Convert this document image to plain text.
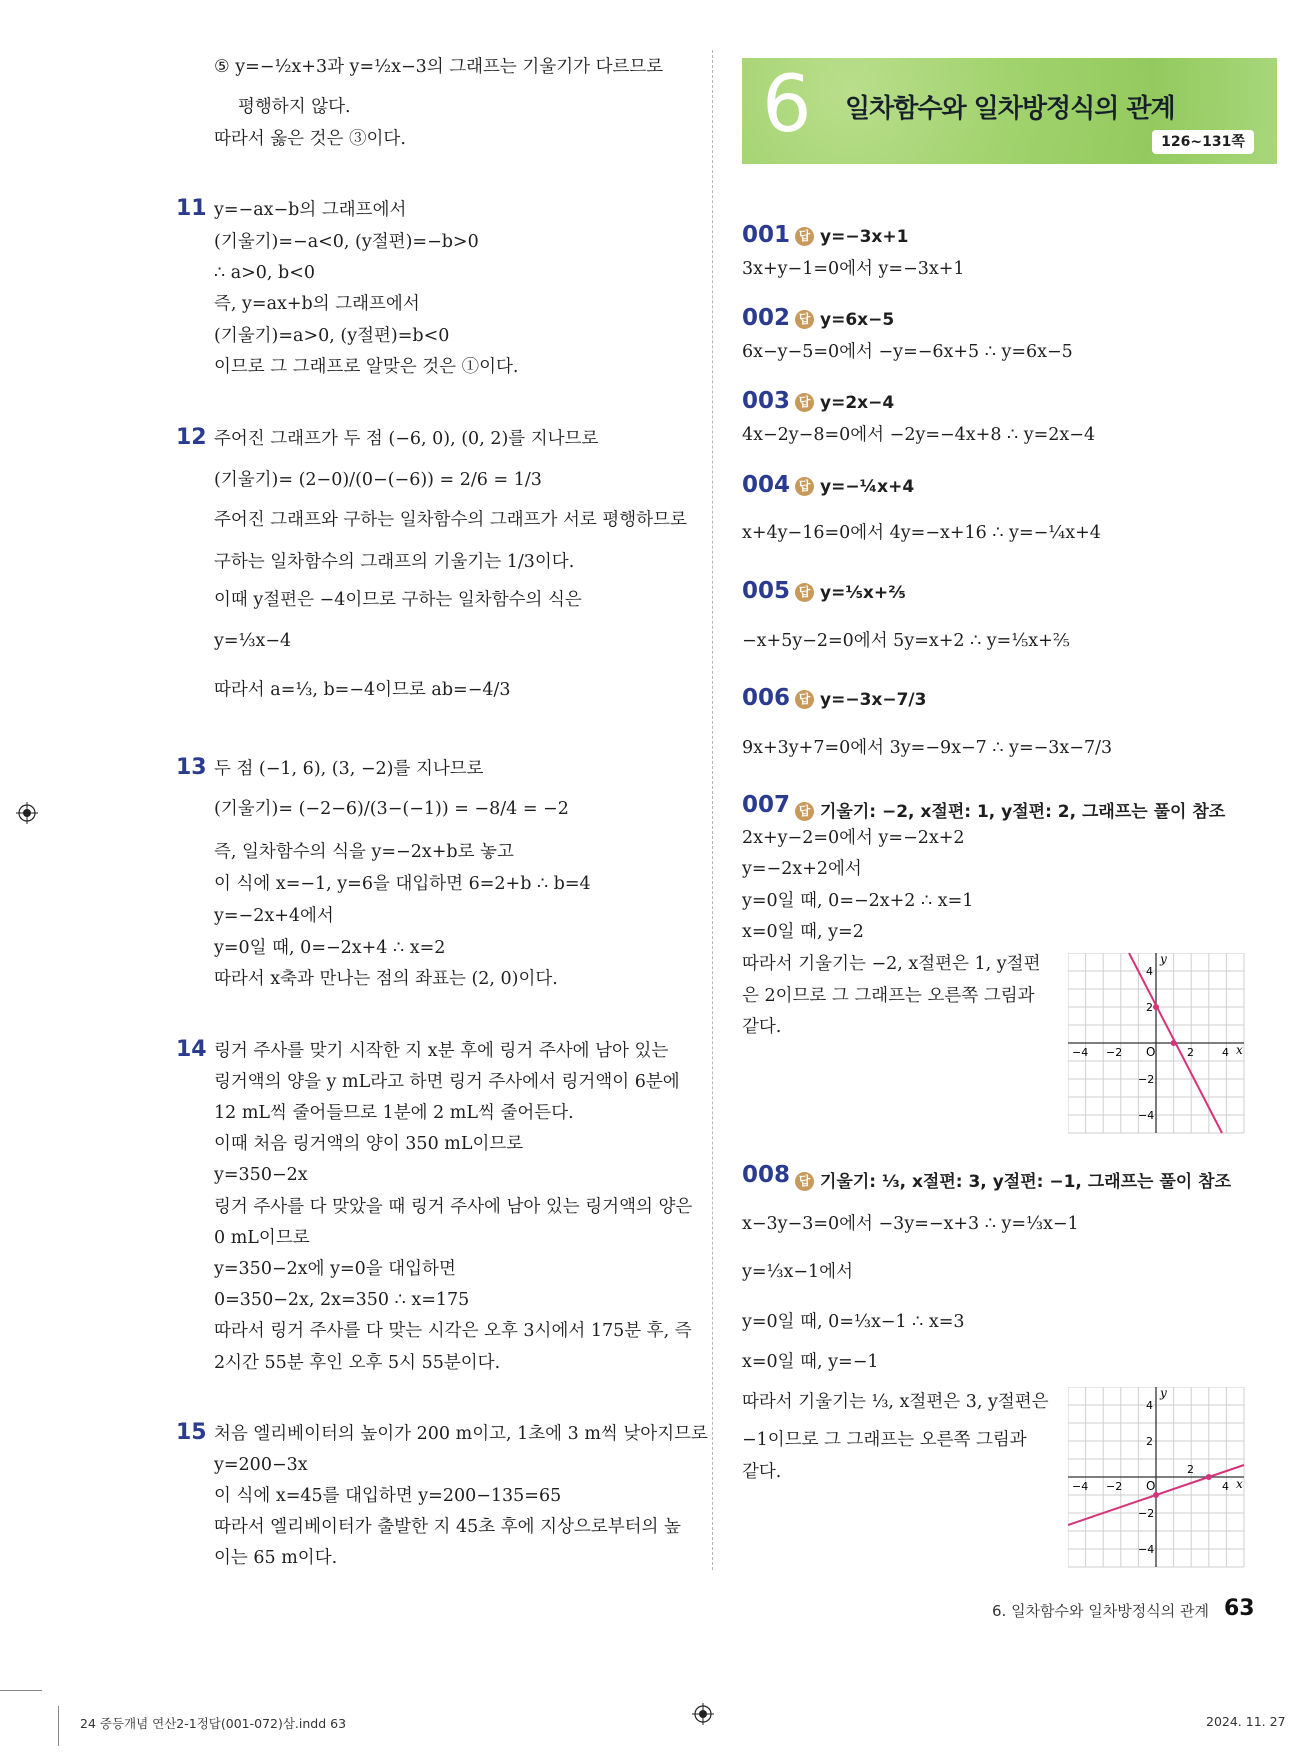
⑤ y=−½x+3과 y=½x−3의 그래프는 기울기가 다르므로
평행하지 않다.
따라서 옳은 것은 ③이다.
11 y=−ax−b의 그래프에서
(기울기)=−a<0, (y절편)=−b>0
∴ a>0, b<0
즉, y=ax+b의 그래프에서
(기울기)=a>0, (y절편)=b<0
이므로 그 그래프로 알맞은 것은 ①이다.
12 주어진 그래프가 두 점 (−6, 0), (0, 2)를 지나므로
(기울기)= (2−0)/(0−(−6)) = 2/6 = 1/3
주어진 그래프와 구하는 일차함수의 그래프가 서로 평행하므로
구하는 일차함수의 그래프의 기울기는 1/3이다.
이때 y절편은 −4이므로 구하는 일차함수의 식은
y=⅓x−4
따라서 a=⅓, b=−4이므로 ab=−4/3
13 두 점 (−1, 6), (3, −2)를 지나므로
(기울기)= (−2−6)/(3−(−1)) = −8/4 = −2
즉, 일차함수의 식을 y=−2x+b로 놓고
이 식에 x=−1, y=6을 대입하면 6=2+b ∴ b=4
y=−2x+4에서
y=0일 때, 0=−2x+4 ∴ x=2
따라서 x축과 만나는 점의 좌표는 (2, 0)이다.
14 링거 주사를 맞기 시작한 지 x분 후에 링거 주사에 남아 있는
링거액의 양을 y mL라고 하면 링거 주사에서 링거액이 6분에
12 mL씩 줄어들므로 1분에 2 mL씩 줄어든다.
이때 처음 링거액의 양이 350 mL이므로
y=350−2x
링거 주사를 다 맞았을 때 링거 주사에 남아 있는 링거액의 양은
0 mL이므로
y=350−2x에 y=0을 대입하면
0=350−2x, 2x=350 ∴ x=175
따라서 링거 주사를 다 맞는 시각은 오후 3시에서 175분 후, 즉
2시간 55분 후인 오후 5시 55분이다.
15 처음 엘리베이터의 높이가 200 m이고, 1초에 3 m씩 낮아지므로
y=200−3x
이 식에 x=45를 대입하면 y=200−135=65
따라서 엘리베이터가 출발한 지 45초 후에 지상으로부터의 높
이는 65 m이다.
6 일차함수와 일차방정식의 관계
126~131쪽
001 답 y=−3x+1
3x+y−1=0에서 y=−3x+1
002 답 y=6x−5
6x−y−5=0에서 −y=−6x+5 ∴ y=6x−5
003 답 y=2x−4
4x−2y−8=0에서 −2y=−4x+8 ∴ y=2x−4
004 답 y=−¼x+4
x+4y−16=0에서 4y=−x+16 ∴ y=−¼x+4
005 답 y=⅕x+⅖
−x+5y−2=0에서 5y=x+2 ∴ y=⅕x+⅖
006 답 y=−3x−7/3
9x+3y+7=0에서 3y=−9x−7 ∴ y=−3x−7/3
007 답 기울기: −2, x절편: 1, y절편: 2, 그래프는 풀이 참조
2x+y−2=0에서 y=−2x+2
y=−2x+2에서
y=0일 때, 0=−2x+2 ∴ x=1
x=0일 때, y=2
따라서 기울기는 −2, x절편은 1, y절편
은 2이므로 그 그래프는 오른쪽 그림과
같다.
x
y
O
−4 −2	2	4
4
2
−2
−4
008 답 기울기: ⅓, x절편: 3, y절편: −1, 그래프는 풀이 참조
x−3y−3=0에서 −3y=−x+3 ∴ y=⅓x−1
y=⅓x−1에서
y=0일 때, 0=⅓x−1 ∴ x=3
x=0일 때, y=−1
따라서 기울기는 ⅓, x절편은 3, y절편은
−1이므로 그 그래프는 오른쪽 그림과
같다.
x
y
O
−4 −2
2
4
4
2
−2
−4
6. 일차함수와 일차방정식의 관계 63
24 중등개념 연산2-1정답(001-072)삼.indd 63	2024. 11. 27
